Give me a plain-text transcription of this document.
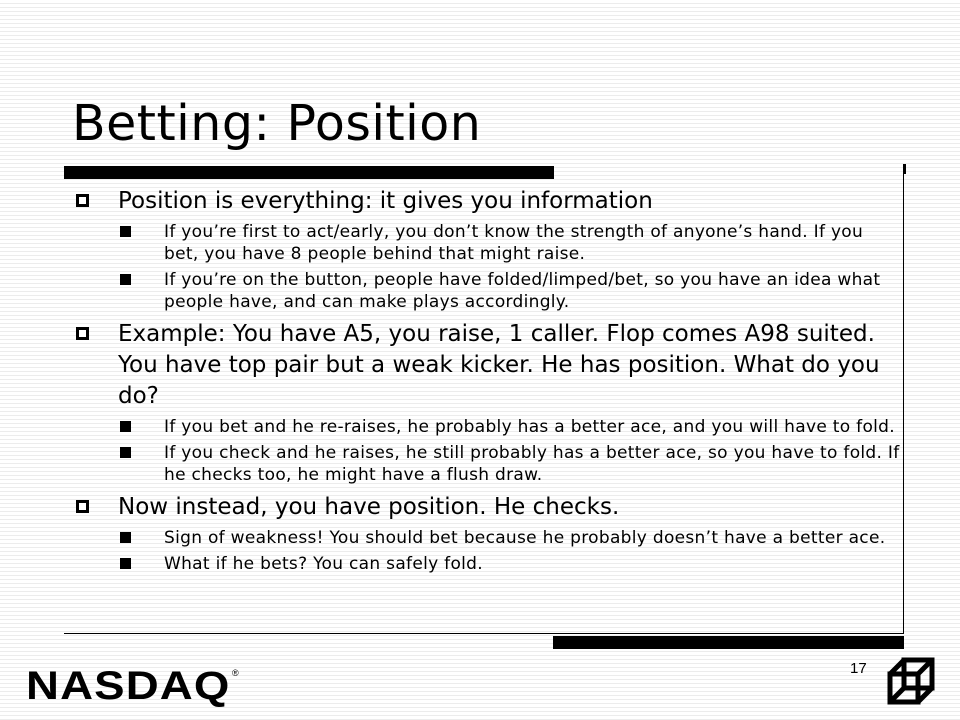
Betting: Position
Position is everything: it gives you information
If you’re first to act/early, you don’t know the strength of anyone’s hand. If you bet, you have 8 people behind that might raise.
If you’re on the button, people have folded/limped/bet, so you have an idea what people have, and can make plays accordingly.
Example: You have A5, you raise, 1 caller. Flop comes A98 suited. You have top pair but a weak kicker. He has position. What do you do?
If you bet and he re-raises, he probably has a better ace, and you will have to fold.
If you check and he raises, he still probably has a better ace, so you have to fold. If he checks too, he might have a flush draw.
Now instead, you have position. He checks.
Sign of weakness! You should bet because he probably doesn’t have a better ace.
What if he bets? You can safely fold.
17
NASDAQ ®
